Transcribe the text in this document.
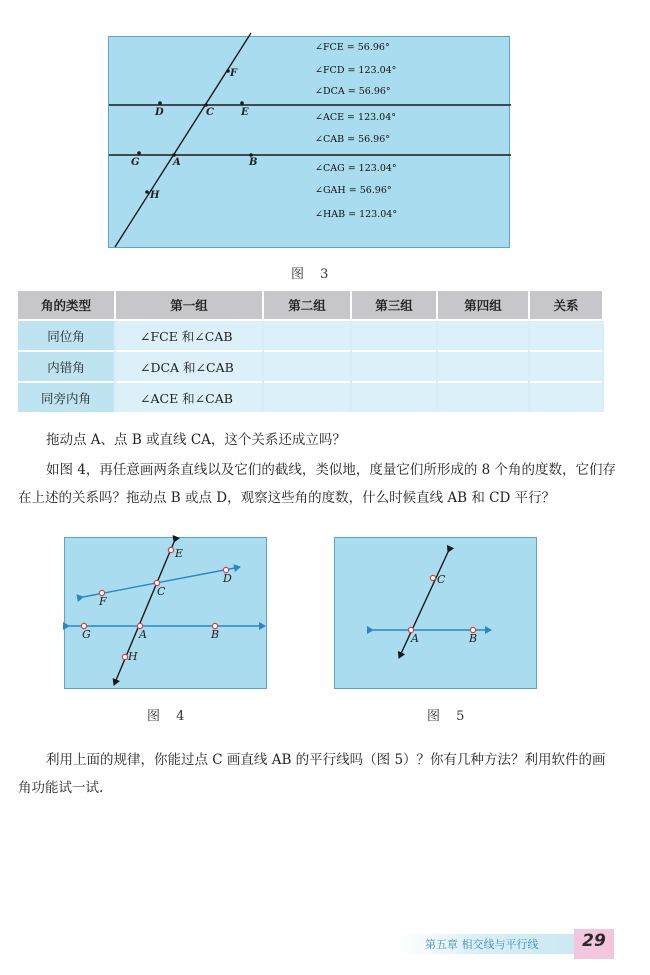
F
D	C	E
G	A	B
H
∠FCE = 56.96°
∠FCD = 123.04°
∠DCA = 56.96°
∠ACE = 123.04°
∠CAB = 56.96°
∠CAG = 123.04°
∠GAH = 56.96°
∠HAB = 123.04°
图 3
角的类型	第一组	第二组	第三组	第四组	关系
同位角	∠FCE 和∠CAB				
内错角	∠DCA 和∠CAB				
同旁内角	∠ACE 和∠CAB				
拖动点 A、点 B 或直线 CA，这个关系还成立吗？
如图 4，再任意画两条直线以及它们的截线，类似地，度量它们所形成的 8 个角的度数，它们存在上述的关系吗？拖动点 B 或点 D，观察这些角的度数，什么时候直线 AB 和 CD 平行？
E
D
C
F
G	A	B
H
图 4
C
A	B
图 5
利用上面的规律，你能过点 C 画直线 AB 的平行线吗（图 5）？你有几种方法？利用软件的画角功能试一试.
第五章 相交线与平行线	29
